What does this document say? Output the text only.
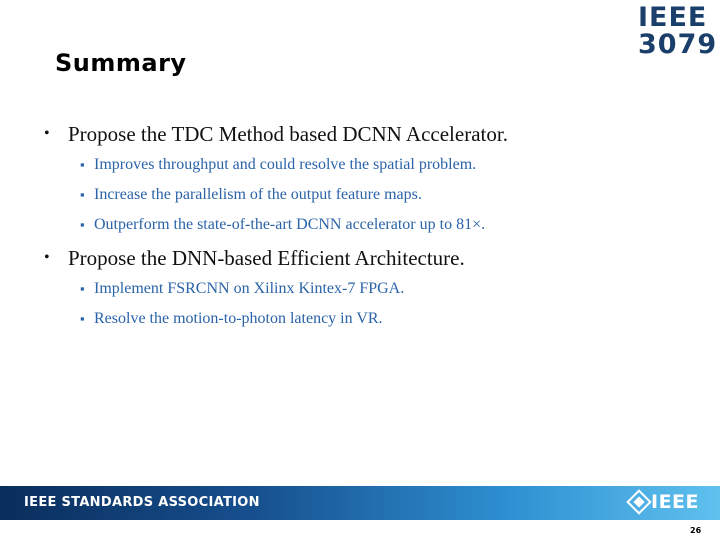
Summary
IEEE
3079
• Propose the TDC Method based DCNN Accelerator.
▪ Improves throughput and could resolve the spatial problem.
▪ Increase the parallelism of the output feature maps.
▪ Outperform the state-of-the-art DCNN accelerator up to 81×.
• Propose the DNN-based Efficient Architecture.
▪ Implement FSRCNN on Xilinx Kintex-7 FPGA.
▪ Resolve the motion-to-photon latency in VR.
IEEE STANDARDS ASSOCIATION	IEEE
26
